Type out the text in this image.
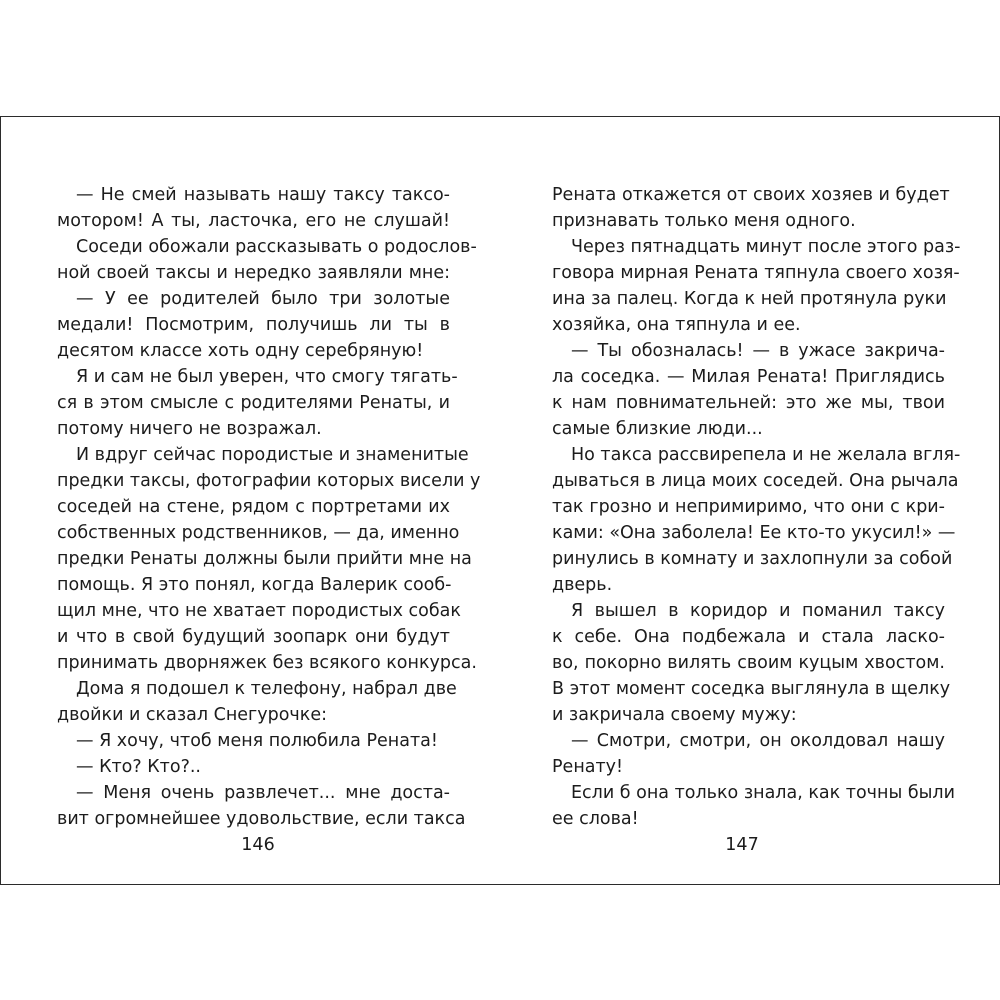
— Не смей называть нашу таксу таксо-
мотором! А ты, ласточка, его не слушай!
Соседи обожали рассказывать о родослов-
ной своей таксы и нередко заявляли мне:
— У ее родителей было три золотые
медали! Посмотрим, получишь ли ты в
десятом классе хоть одну серебряную!
Я и сам не был уверен, что смогу тягать-
ся в этом смысле с родителями Ренаты, и
потому ничего не возражал.
И вдруг сейчас породистые и знаменитые
предки таксы, фотографии которых висели у
соседей на стене, рядом с портретами их
собственных родственников, — да, именно
предки Ренаты должны были прийти мне на
помощь. Я это понял, когда Валерик сооб-
щил мне, что не хватает породистых собак
и что в свой будущий зоопарк они будут
принимать дворняжек без всякого конкурса.
Дома я подошел к телефону, набрал две
двойки и сказал Снегурочке:
— Я хочу, чтоб меня полюбила Рената!
— Кто? Кто?..
— Меня очень развлечет... мне достa-
вит огромнейшее удовольствие, если такса
Рената откажется от своих хозяев и будет
признавать только меня одного.
Через пятнадцать минут после этого раз-
говора мирная Рената тяпнула своего хозя-
ина за палец. Когда к ней протянула руки
хозяйка, она тяпнула и ее.
— Ты обозналась! — в ужасе закрича-
ла соседка. — Милая Рената! Приглядись
к нам повнимательней: это же мы, твои
самые близкие люди...
Но такса рассвирепела и не желала вгля-
дываться в лица моих соседей. Она рычала
так грозно и непримиримо, что они с кри-
ками: «Она заболела! Ее кто-то укусил!» —
ринулись в комнату и захлопнули за собой
дверь.
Я вышел в коридор и поманил таксу
к себе. Она подбежала и стала ласко-
во, покорно вилять своим куцым хвостом.
В этот момент соседка выглянула в щелку
и закричала своему мужу:
— Смотри, смотри, он околдовал нашу
Ренату!
Если б она только знала, как точны были
ее слова!
146	147
